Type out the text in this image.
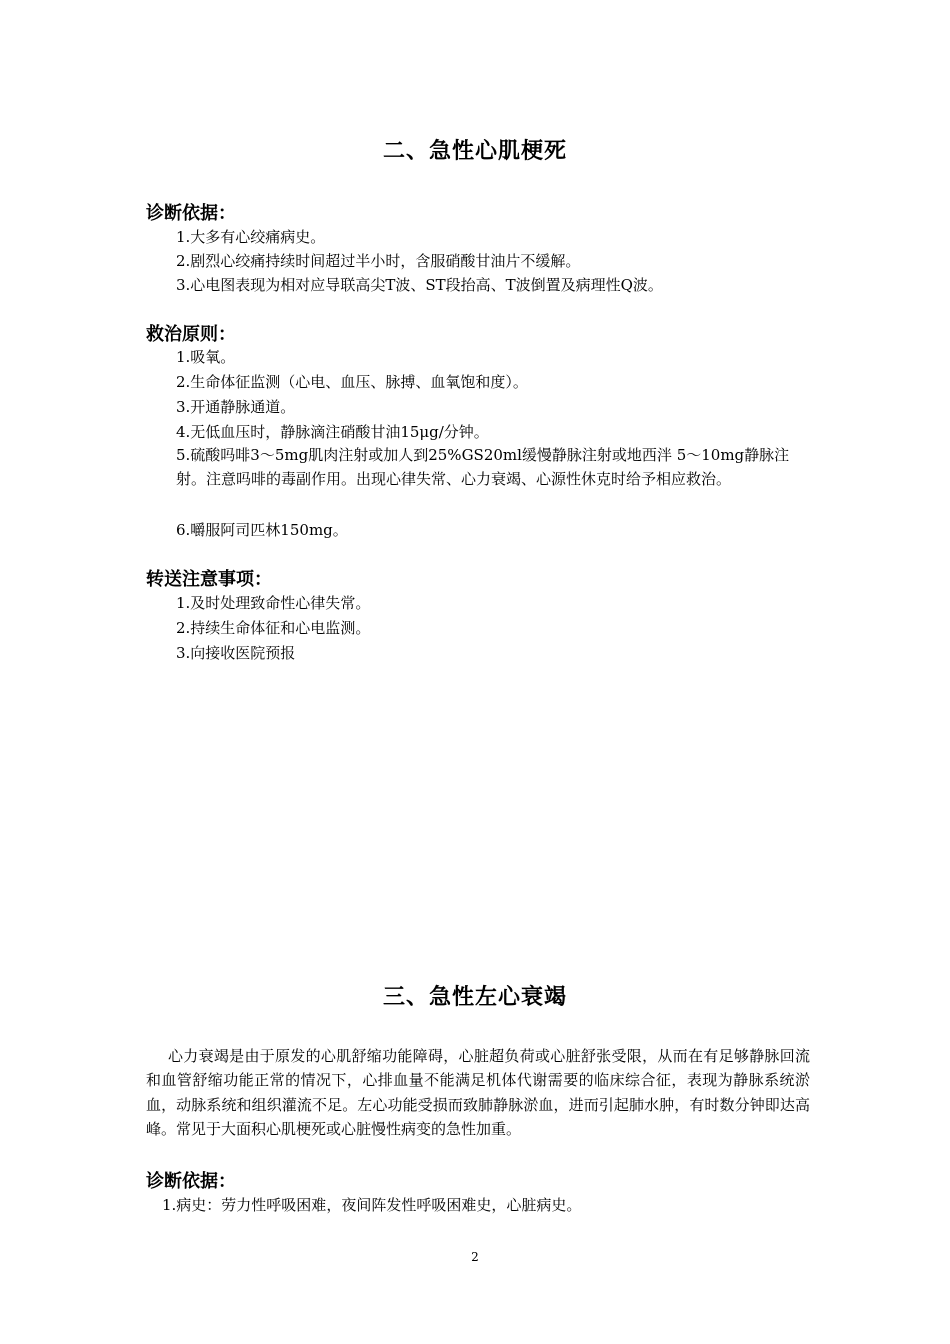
二、急性心肌梗死
诊断依据：
1.大多有心绞痛病史。
2.剧烈心绞痛持续时间超过半小时，含服硝酸甘油片不缓解。
3.心电图表现为相对应导联高尖T波、ST段抬高、T波倒置及病理性Q波。
救治原则：
1.吸氧。
2.生命体征监测（心电、血压、脉搏、血氧饱和度）。
3.开通静脉通道。
4.无低血压时，静脉滴注硝酸甘油15μg/分钟。
5.硫酸吗啡3～5mg肌肉注射或加人到25%GS20ml缓慢静脉注射或地西泮 5～10mg静脉注射。注意吗啡的毒副作用。出现心律失常、心力衰竭、心源性休克时给予相应救治。
6.嚼服阿司匹林150mg。
转送注意事项：
1.及时处理致命性心律失常。
2.持续生命体征和心电监测。
3.向接收医院预报
三、急性左心衰竭
心力衰竭是由于原发的心肌舒缩功能障碍，心脏超负荷或心脏舒张受限，从而在有足够静脉回流和血管舒缩功能正常的情况下，心排血量不能满足机体代谢需要的临床综合征，表现为静脉系统淤血，动脉系统和组织灌流不足。左心功能受损而致肺静脉淤血，进而引起肺水肿，有时数分钟即达高峰。常见于大面积心肌梗死或心脏慢性病变的急性加重。
诊断依据：
1.病史：劳力性呼吸困难，夜间阵发性呼吸困难史，心脏病史。
2
